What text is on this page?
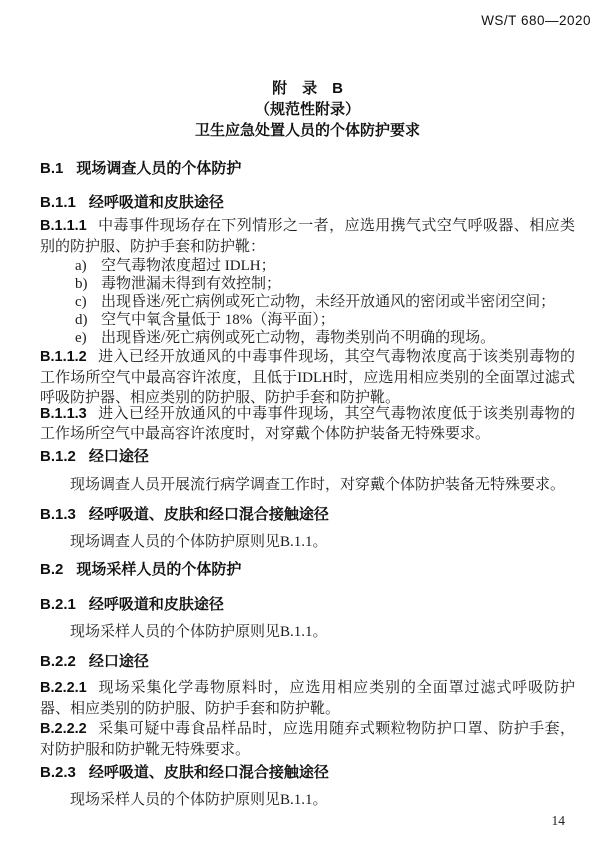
WS/T 680—2020
附　录　B
（规范性附录）
卫生应急处置人员的个体防护要求
B.1 现场调查人员的个体防护
B.1.1 经呼吸道和皮肤途径

B.1.1.1 中毒事件现场存在下列情形之一者，应选用携气式空气呼吸器、相应类别的防护服、防护手套和防护靴：

a) 空气毒物浓度超过 IDLH；
b) 毒物泄漏未得到有效控制；
c) 出现昏迷/死亡病例或死亡动物，未经开放通风的密闭或半密闭空间；
d) 空气中氧含量低于 18%（海平面）；
e) 出现昏迷/死亡病例或死亡动物，毒物类别尚不明确的现场。

B.1.1.2 进入已经开放通风的中毒事件现场，其空气毒物浓度高于该类别毒物的工作场所空气中最高容许浓度，且低于IDLH时，应选用相应类别的全面罩过滤式呼吸防护器、相应类别的防护服、防护手套和防护靴。

B.1.1.3 进入已经开放通风的中毒事件现场，其空气毒物浓度低于该类别毒物的工作场所空气中最高容许浓度时，对穿戴个体防护装备无特殊要求。

B.1.2 经口途径

现场调查人员开展流行病学调查工作时，对穿戴个体防护装备无特殊要求。

B.1.3 经呼吸道、皮肤和经口混合接触途径

现场调查人员的个体防护原则见B.1.1。

B.2 现场采样人员的个体防护
B.2.1 经呼吸道和皮肤途径

现场采样人员的个体防护原则见B.1.1。

B.2.2 经口途径

B.2.2.1 现场采集化学毒物原料时，应选用相应类别的全面罩过滤式呼吸防护器、相应类别的防护服、防护手套和防护靴。

B.2.2.2 采集可疑中毒食品样品时，应选用随弃式颗粒物防护口罩、防护手套，对防护服和防护靴无特殊要求。

B.2.3 经呼吸道、皮肤和经口混合接触途径

现场采样人员的个体防护原则见B.1.1。

14
